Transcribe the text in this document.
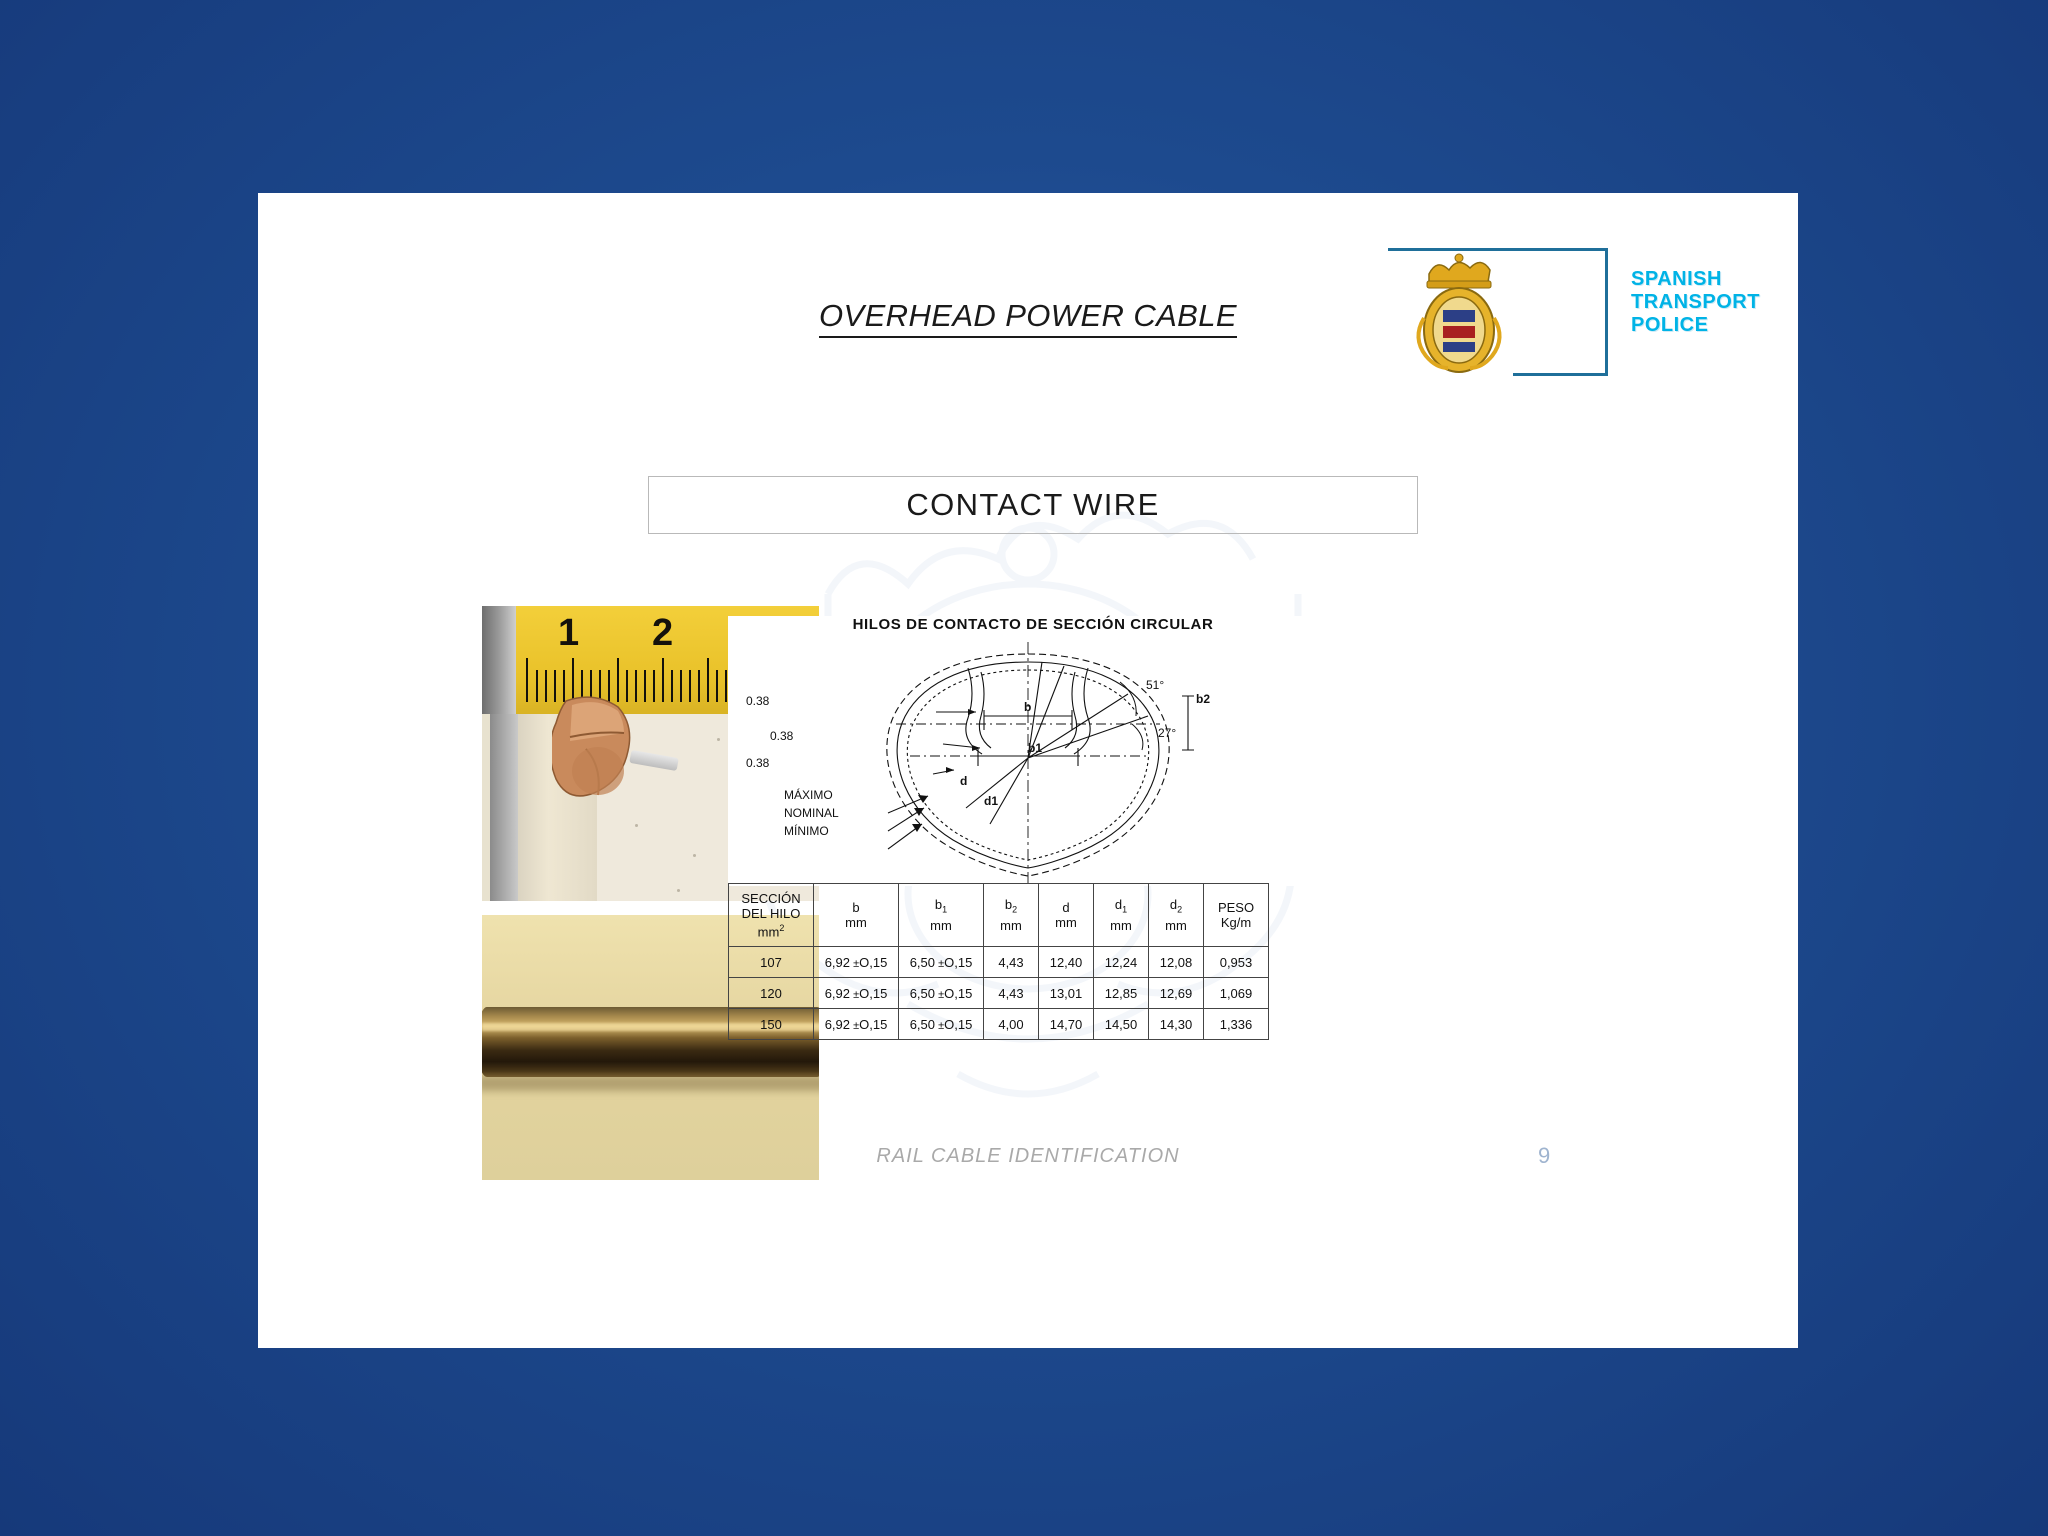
OVERHEAD POWER CABLE
SPANISH
TRANSPORT
POLICE
CONTACT WIRE
1 2	HILOS DE CONTACTO DE SECCIÓN CIRCULAR
0.38
0.38
0.38
MÁXIMO
NOMINAL
MÍNIMO
b
b1
b2
d
d1
51°
27°
SECCIÓN
DEL HILO
$mm^2$

b
mm

$b_1$
mm

$b_2$
mm

d
mm

$d_1$
mm

$d_2$
mm

PESO
Kg/m

107	6,92 ±O,15	6,50 ±O,15	4,43	12,40	12,24	12,08	0,953
120	6,92 ±O,15	6,50 ±O,15	4,43	13,01	12,85	12,69	1,069
150	6,92 ±O,15	6,50 ±O,15	4,00	14,70	14,50	14,30	1,336
RAIL CABLE IDENTIFICATION	9
